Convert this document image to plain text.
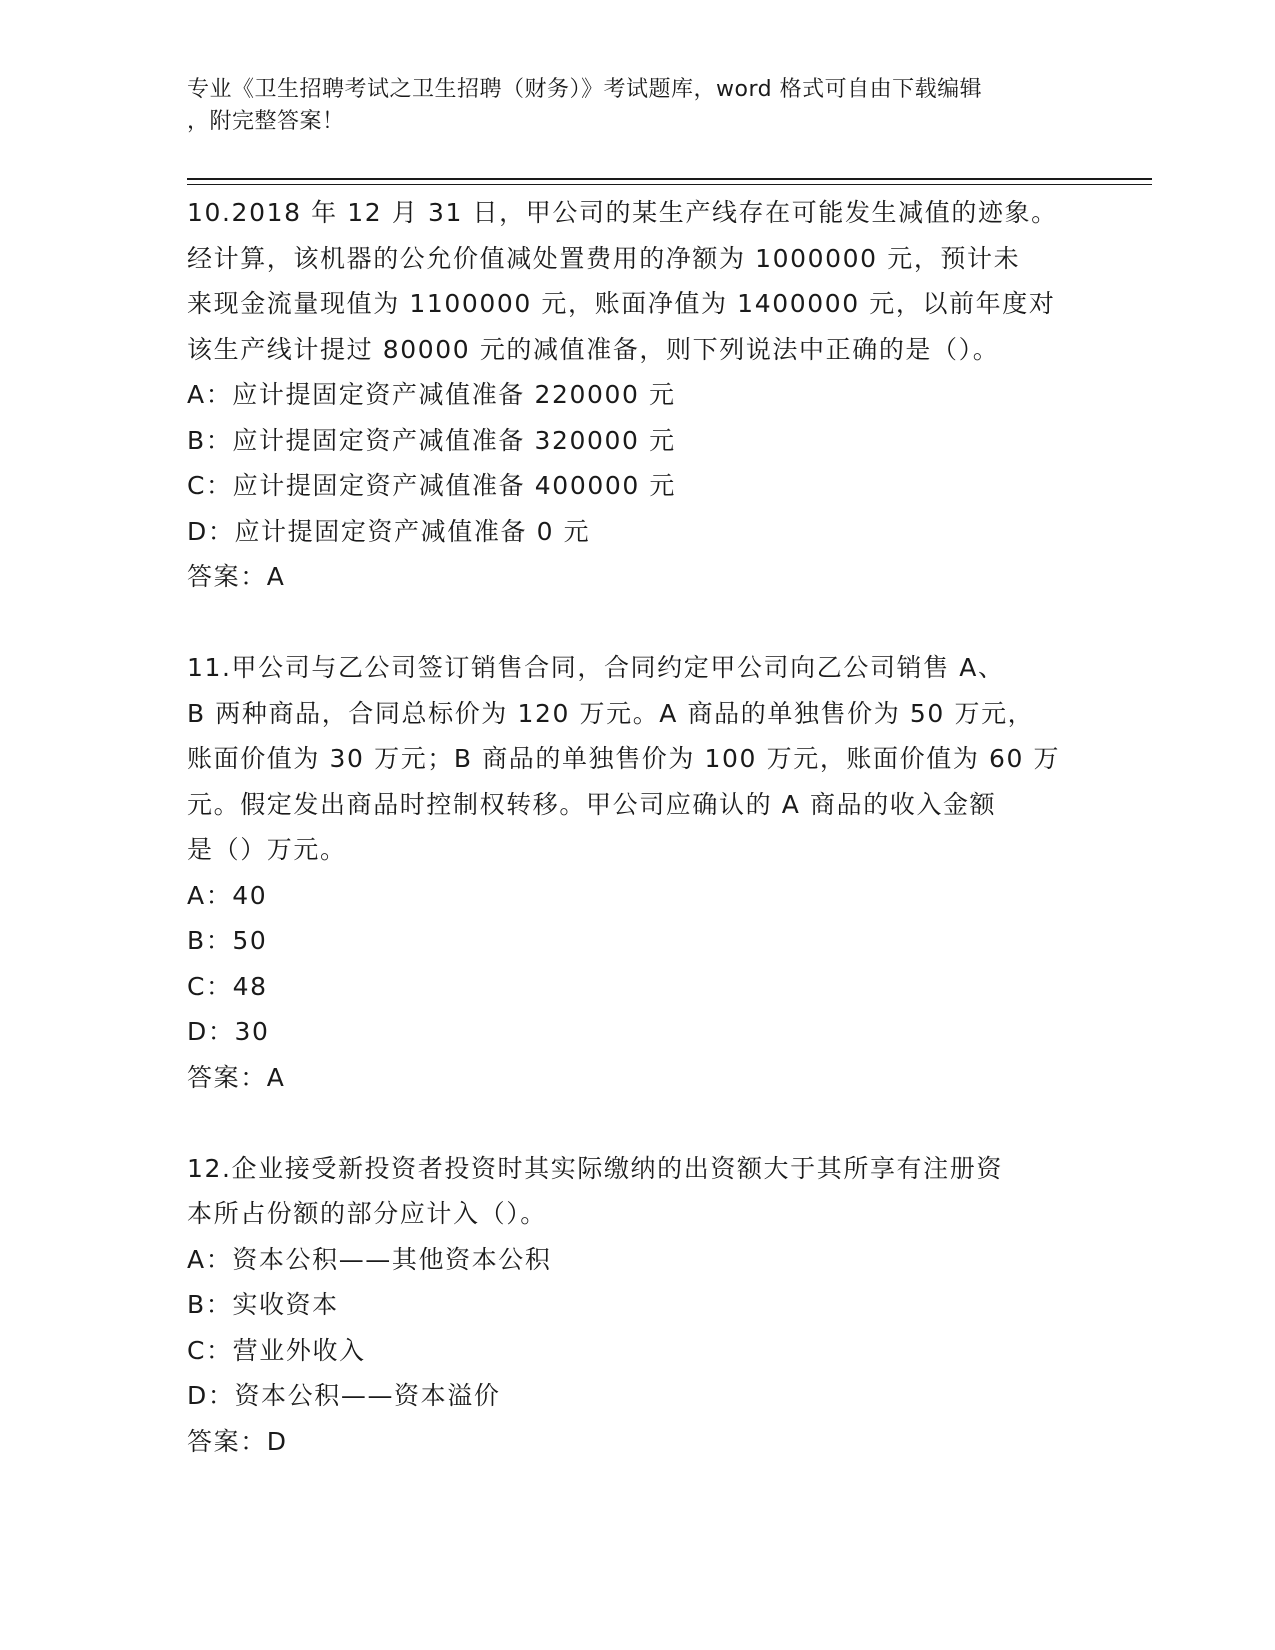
专业《卫生招聘考试之卫生招聘（财务）》考试题库，word 格式可自由下载编辑
，附完整答案！
10.2018 年 12 月 31 日，甲公司的某生产线存在可能发生减值的迹象。
经计算，该机器的公允价值减处置费用的净额为 1000000 元，预计未
来现金流量现值为 1100000 元，账面净值为 1400000 元，以前年度对
该生产线计提过 80000 元的减值准备，则下列说法中正确的是（）。
A：应计提固定资产减值准备 220000 元
B：应计提固定资产减值准备 320000 元
C：应计提固定资产减值准备 400000 元
D：应计提固定资产减值准备 0 元
答案：A
11.甲公司与乙公司签订销售合同，合同约定甲公司向乙公司销售 A、
B 两种商品，合同总标价为 120 万元。A 商品的单独售价为 50 万元，
账面价值为 30 万元；B 商品的单独售价为 100 万元，账面价值为 60 万
元。假定发出商品时控制权转移。甲公司应确认的 A 商品的收入金额
是（）万元。
A：40
B：50
C：48
D：30
答案：A
12.企业接受新投资者投资时其实际缴纳的出资额大于其所享有注册资
本所占份额的部分应计入（）。
A：资本公积——其他资本公积
B：实收资本
C：营业外收入
D：资本公积——资本溢价
答案：D
